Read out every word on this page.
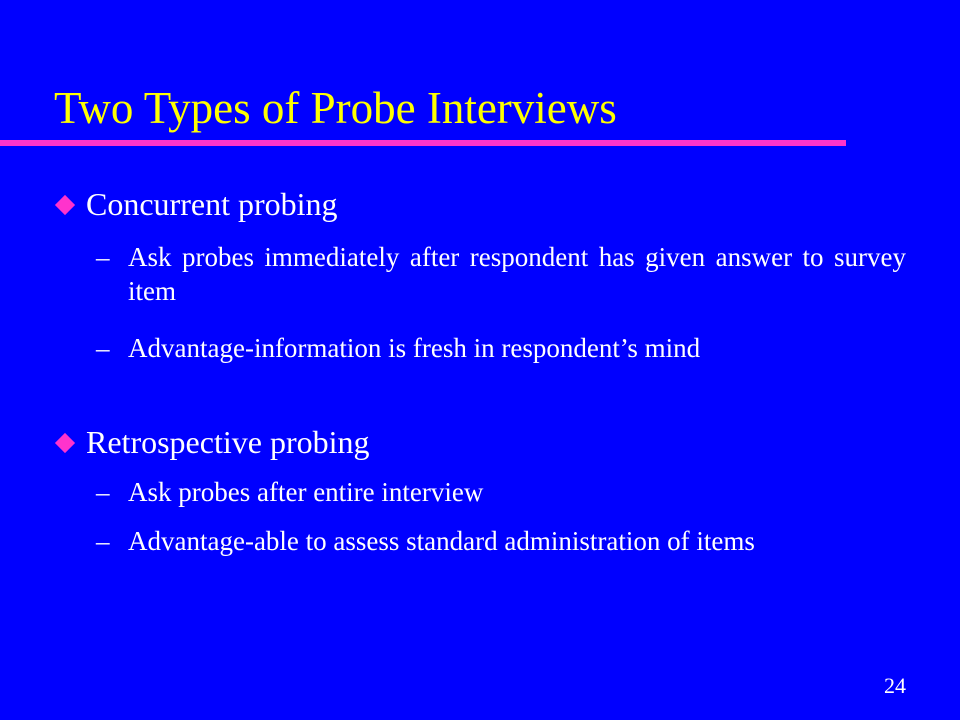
Two Types of Probe Interviews
Concurrent probing
– Ask probes immediately after respondent has given answer to survey item
– Advantage-information is fresh in respondent’s mind
Retrospective probing
– Ask probes after entire interview
– Advantage-able to assess standard administration of items
24
